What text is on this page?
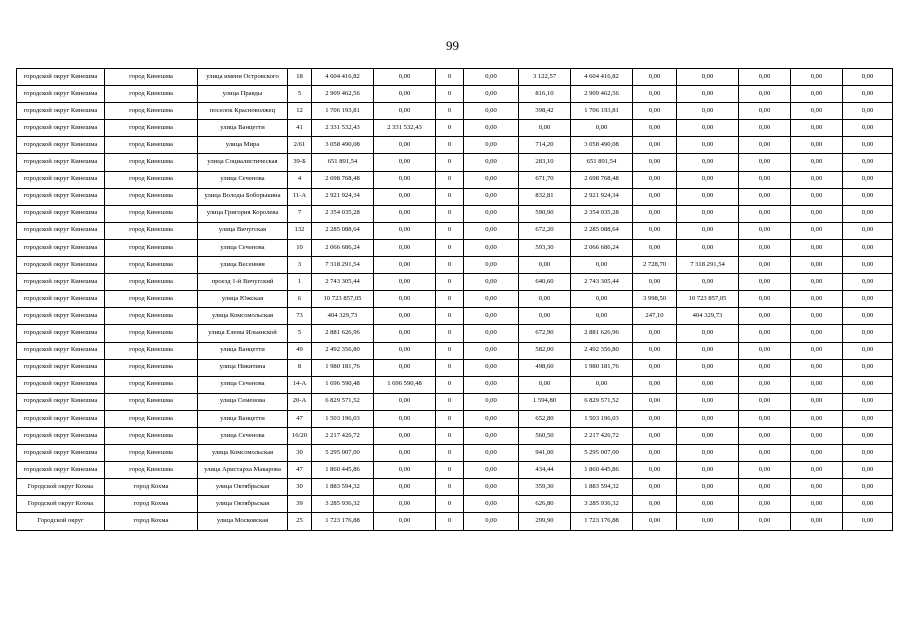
99
городской округ Кинешма	город Кинешма	улица имени Островского	18	4 604 416,82	0,00	0	0,00	3 122,57	4 604 416,82	0,00	0,00	0,00	0,00	0,00
городской округ Кинешма	город Кинешма	улица Правды	5	2 909 462,56	0,00	0	0,00	816,10	2 909 462,56	0,00	0,00	0,00	0,00	0,00
городской округ Кинешма	город Кинешма	поселок Красноволжец	12	1 706 193,81	0,00	0	0,00	398,42	1 706 193,81	0,00	0,00	0,00	0,00	0,00
городской округ Кинешма	город Кинешма	улица Ванцетти	41	2 331 532,43	2 331 532,43	0	0,00	0,00	0,00	0,00	0,00	0,00	0,00	0,00
городской округ Кинешма	город Кинешма	улица Мира	2/61	3 058 490,08	0,00	0	0,00	714,20	3 058 490,08	0,00	0,00	0,00	0,00	0,00
городской округ Кинешма	город Кинешма	улица Социалистическая	39-Б	651 891,54	0,00	0	0,00	283,10	651 891,54	0,00	0,00	0,00	0,00	0,00
городской округ Кинешма	город Кинешма	улица Сеченова	4	2 698 768,48	0,00	0	0,00	671,70	2 698 768,48	0,00	0,00	0,00	0,00	0,00
городской округ Кинешма	город Кинешма	улица Володы Боборыкина	11-А	2 921 924,34	0,00	0	0,00	832,81	2 921 924,34	0,00	0,00	0,00	0,00	0,00
городской округ Кинешма	город Кинешма	улица Григория Королева	7	2 354 035,28	0,00	0	0,00	590,90	2 354 035,28	0,00	0,00	0,00	0,00	0,00
городской округ Кинешма	город Кинешма	улица Вичугская	132	2 285 088,64	0,00	0	0,00	672,20	2 285 088,64	0,00	0,00	0,00	0,00	0,00
городской округ Кинешма	город Кинешма	улица Сеченова	10	2 066 686,24	0,00	0	0,00	593,30	2 066 686,24	0,00	0,00	0,00	0,00	0,00
городской округ Кинешма	город Кинешма	улица Весенняя	3	7 318 291,54	0,00	0	0,00	0,00	0,00	2 728,70	7 318 291,54	0,00	0,00	0,00
городской округ Кинешма	город Кинешма	проезд 1-й Вичугский	1	2 743 305,44	0,00	0	0,00	640,60	2 743 305,44	0,00	0,00	0,00	0,00	0,00
городской округ Кинешма	город Кинешма	улица Южская	6	10 723 857,05	0,00	0	0,00	0,00	0,00	3 998,50	10 723 857,05	0,00	0,00	0,00
городской округ Кинешма	город Кинешма	улица Комсомольская	73	404 329,73	0,00	0	0,00	0,00	0,00	247,10	404 329,73	0,00	0,00	0,00
городской округ Кинешма	город Кинешма	улица Елены Ильинской	5	2 881 626,96	0,00	0	0,00	672,90	2 881 626,96	0,00	0,00	0,00	0,00	0,00
городской округ Кинешма	город Кинешма	улица Ванцетти	49	2 492 356,80	0,00	0	0,00	582,00	2 492 356,80	0,00	0,00	0,00	0,00	0,00
городской округ Кинешма	город Кинешма	улица Никитина	8	1 980 181,76	0,00	0	0,00	498,60	1 980 181,76	0,00	0,00	0,00	0,00	0,00
городской округ Кинешма	город Кинешма	улица Сеченова	14-А	1 696 590,48	1 696 590,48	0	0,00	0,00	0,00	0,00	0,00	0,00	0,00	0,00
городской округ Кинешма	город Кинешма	улица Семенова	20-А	6 829 571,52	0,00	0	0,00	1 594,80	6 829 571,52	0,00	0,00	0,00	0,00	0,00
городской округ Кинешма	город Кинешма	улица Ванцетти	47	1 503 196,03	0,00	0	0,00	652,80	1 503 196,03	0,00	0,00	0,00	0,00	0,00
городской округ Кинешма	город Кинешма	улица Сеченова	16/20	2 217 426,72	0,00	0	0,00	560,50	2 217 426,72	0,00	0,00	0,00	0,00	0,00
городской округ Кинешма	город Кинешма	улица Комсомольская	30	5 295 007,00	0,00	0	0,00	941,00	5 295 007,00	0,00	0,00	0,00	0,00	0,00
городской округ Кинешма	город Кинешма	улица Аристарха Макарова	47	1 860 445,86	0,00	0	0,00	434,44	1 860 445,86	0,00	0,00	0,00	0,00	0,00
Городской округ Кохма	город Кохма	улица Октябрьская	30	1 883 594,32	0,00	0	0,00	359,30	1 883 594,32	0,00	0,00	0,00	0,00	0,00
Городской округ Кохма	город Кохма	улица Октябрьская	39	3 285 936,32	0,00	0	0,00	626,80	3 285 936,32	0,00	0,00	0,00	0,00	0,00
Городской округ	город Кохма	улица Московская	25	1 723 176,88	0,00	0	0,00	299,90	1 723 176,88	0,00	0,00	0,00	0,00	0,00
